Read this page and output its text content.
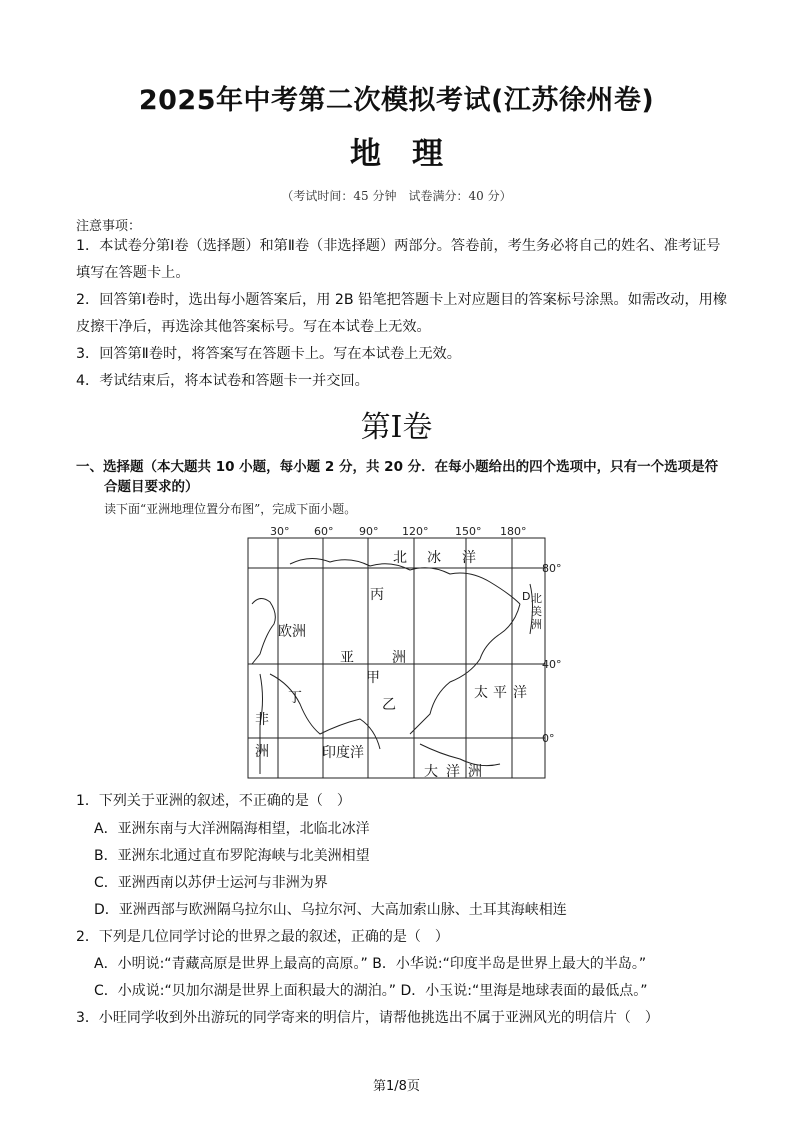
2025年中考第二次模拟考试(江苏徐州卷)
地　理
（考试时间：45 分钟　试卷满分：40 分）
注意事项：
1．本试卷分第Ⅰ卷（选择题）和第Ⅱ卷（非选择题）两部分。答卷前，考生务必将自己的姓名、准考证号填写在答题卡上。
2．回答第Ⅰ卷时，选出每小题答案后，用 2B 铅笔把答题卡上对应题目的答案标号涂黑。如需改动，用橡皮擦干净后，再选涂其他答案标号。写在本试卷上无效。
3．回答第Ⅱ卷时，将答案写在答题卡上。写在本试卷上无效。
4．考试结束后，将本试卷和答题卡一并交回。
第Ⅰ卷
一、选择题（本大题共 10 小题，每小题 2 分，共 20 分．在每小题给出的四个选项中，只有一个选项是符
合题目要求的）
读下面“亚洲地理位置分布图”，完成下面小题。
30° 60° 90° 120° 150° 180°
80°
40°
0°
北 冰 洋
丙
欧洲
亚	洲
甲
丁	乙
太 平 洋
非
洲	印度洋
大 洋 洲
D 北
美
洲
1．下列关于亚洲的叙述，不正确的是（　）
A．亚洲东南与大洋洲隔海相望，北临北冰洋
B．亚洲东北通过直布罗陀海峡与北美洲相望
C．亚洲西南以苏伊士运河与非洲为界
D．亚洲西部与欧洲隔乌拉尔山、乌拉尔河、大高加索山脉、土耳其海峡相连
2．下列是几位同学讨论的世界之最的叙述，正确的是（　）
A．小明说:“青藏高原是世界上最高的高原。” B．小华说:“印度半岛是世界上最大的半岛。”
C．小成说:“贝加尔湖是世界上面积最大的湖泊。” D．小玉说:“里海是地球表面的最低点。”
3．小旺同学收到外出游玩的同学寄来的明信片，请帮他挑选出不属于亚洲风光的明信片（　）
第1/8页
